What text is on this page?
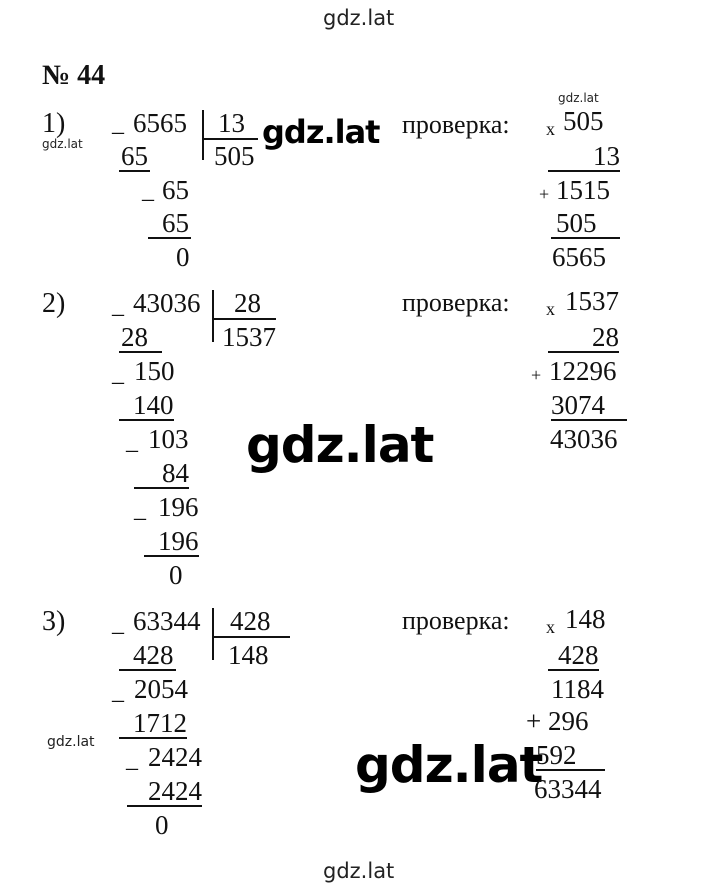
gdz.lat
gdz.lat
gdz.lat	gdz.lat
gdz.lat
gdz.lat	gdz.lat
gdz.lat
№ 44
1) _ 6565 13
505
65
_ 65
65
0
проверка: x 505
13
+ 1515
505
6565
2) _ 43036 28
1537
28
_ 150
140
_ 103
84
_ 196
196
0
проверка: x 1537
28
+ 12296
3074
43036
3) _ 63344 428
148
428
_ 2054
1712
_ 2424
2424
0
проверка: x 148
428
1184
+ 296
592
63344
